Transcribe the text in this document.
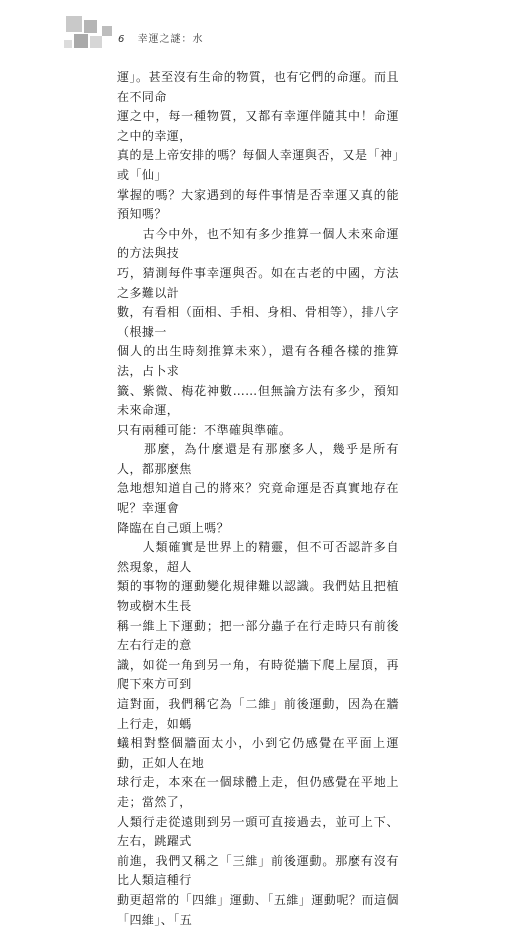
6 幸運之謎：水

運」。甚至沒有生命的物質，也有它們的命運。而且在不同命
運之中，每一種物質，又都有幸運伴隨其中！命運之中的幸運，
真的是上帝安排的嗎？每個人幸運與否，又是「神」或「仙」
掌握的嗎？大家遇到的每件事情是否幸運又真的能預知嗎？

　　古今中外，也不知有多少推算一個人未來命運的方法與技
巧，猜測每件事幸運與否。如在古老的中國，方法之多難以計
數，有看相（面相、手相、身相、骨相等），排八字（根據一
個人的出生時刻推算未來），還有各種各樣的推算法，占卜求
籤、紫微、梅花神數……但無論方法有多少，預知未來命運，
只有兩種可能：不準確與準確。

　　那麼，為什麼還是有那麼多人，幾乎是所有人，都那麼焦
急地想知道自己的將來？究竟命運是否真實地存在呢？幸運會
降臨在自己頭上嗎？

　　人類確實是世界上的精靈，但不可否認許多自然現象，超人
類的事物的運動變化規律難以認識。我們姑且把植物或樹木生長
稱一維上下運動；把一部分蟲子在行走時只有前後左右行走的意
識，如從一角到另一角，有時從牆下爬上屋頂，再爬下來方可到
這對面，我們稱它為「二維」前後運動，因為在牆上行走，如螞
蟻相對整個牆面太小，小到它仍感覺在平面上運動，正如人在地
球行走，本來在一個球體上走，但仍感覺在平地上走；當然了，
人類行走從遠則到另一頭可直接過去，並可上下、左右，跳躍式
前進，我們又稱之「三維」前後運動。那麼有沒有比人類這種行
動更超常的「四維」運動、「五維」運動呢？而這個「四維」、「五
